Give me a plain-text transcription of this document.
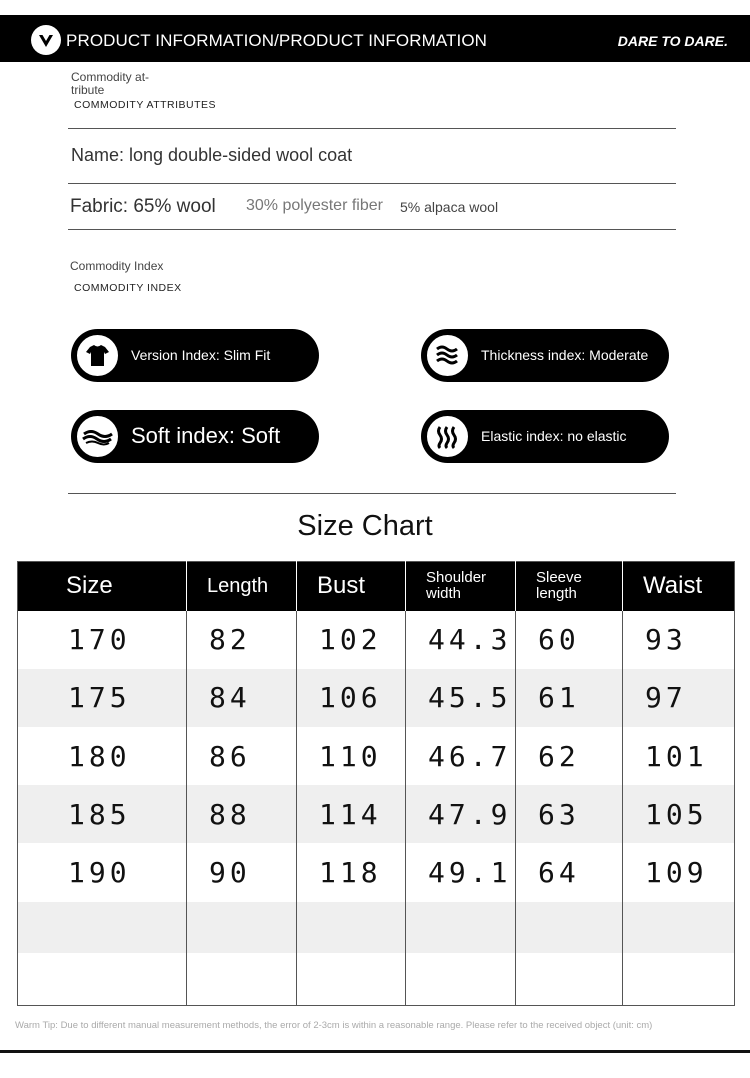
PRODUCT INFORMATION/PRODUCT INFORMATION	DARE TO DARE.
Commodity at-
tribute
COMMODITY ATTRIBUTES
Name: long double-sided wool coat
Fabric: 65% wool 30% polyester fiber 5% alpaca wool
Commodity Index
COMMODITY INDEX
Version Index: Slim Fit	Thickness index: Moderate
Soft index: Soft	Elastic index: no elastic
Size Chart
Size	Length	Bust	Shoulder width	Sleeve length	Waist
170	82	102	44.3	60	93
175	84	106	45.5	61	97
180	86	110	46.7	62	101
185	88	114	47.9	63	105
190	90	118	49.1	64	109

Warm Tip: Due to different manual measurement methods, the error of 2-3cm is within a reasonable range. Please refer to the received object (unit: cm)
